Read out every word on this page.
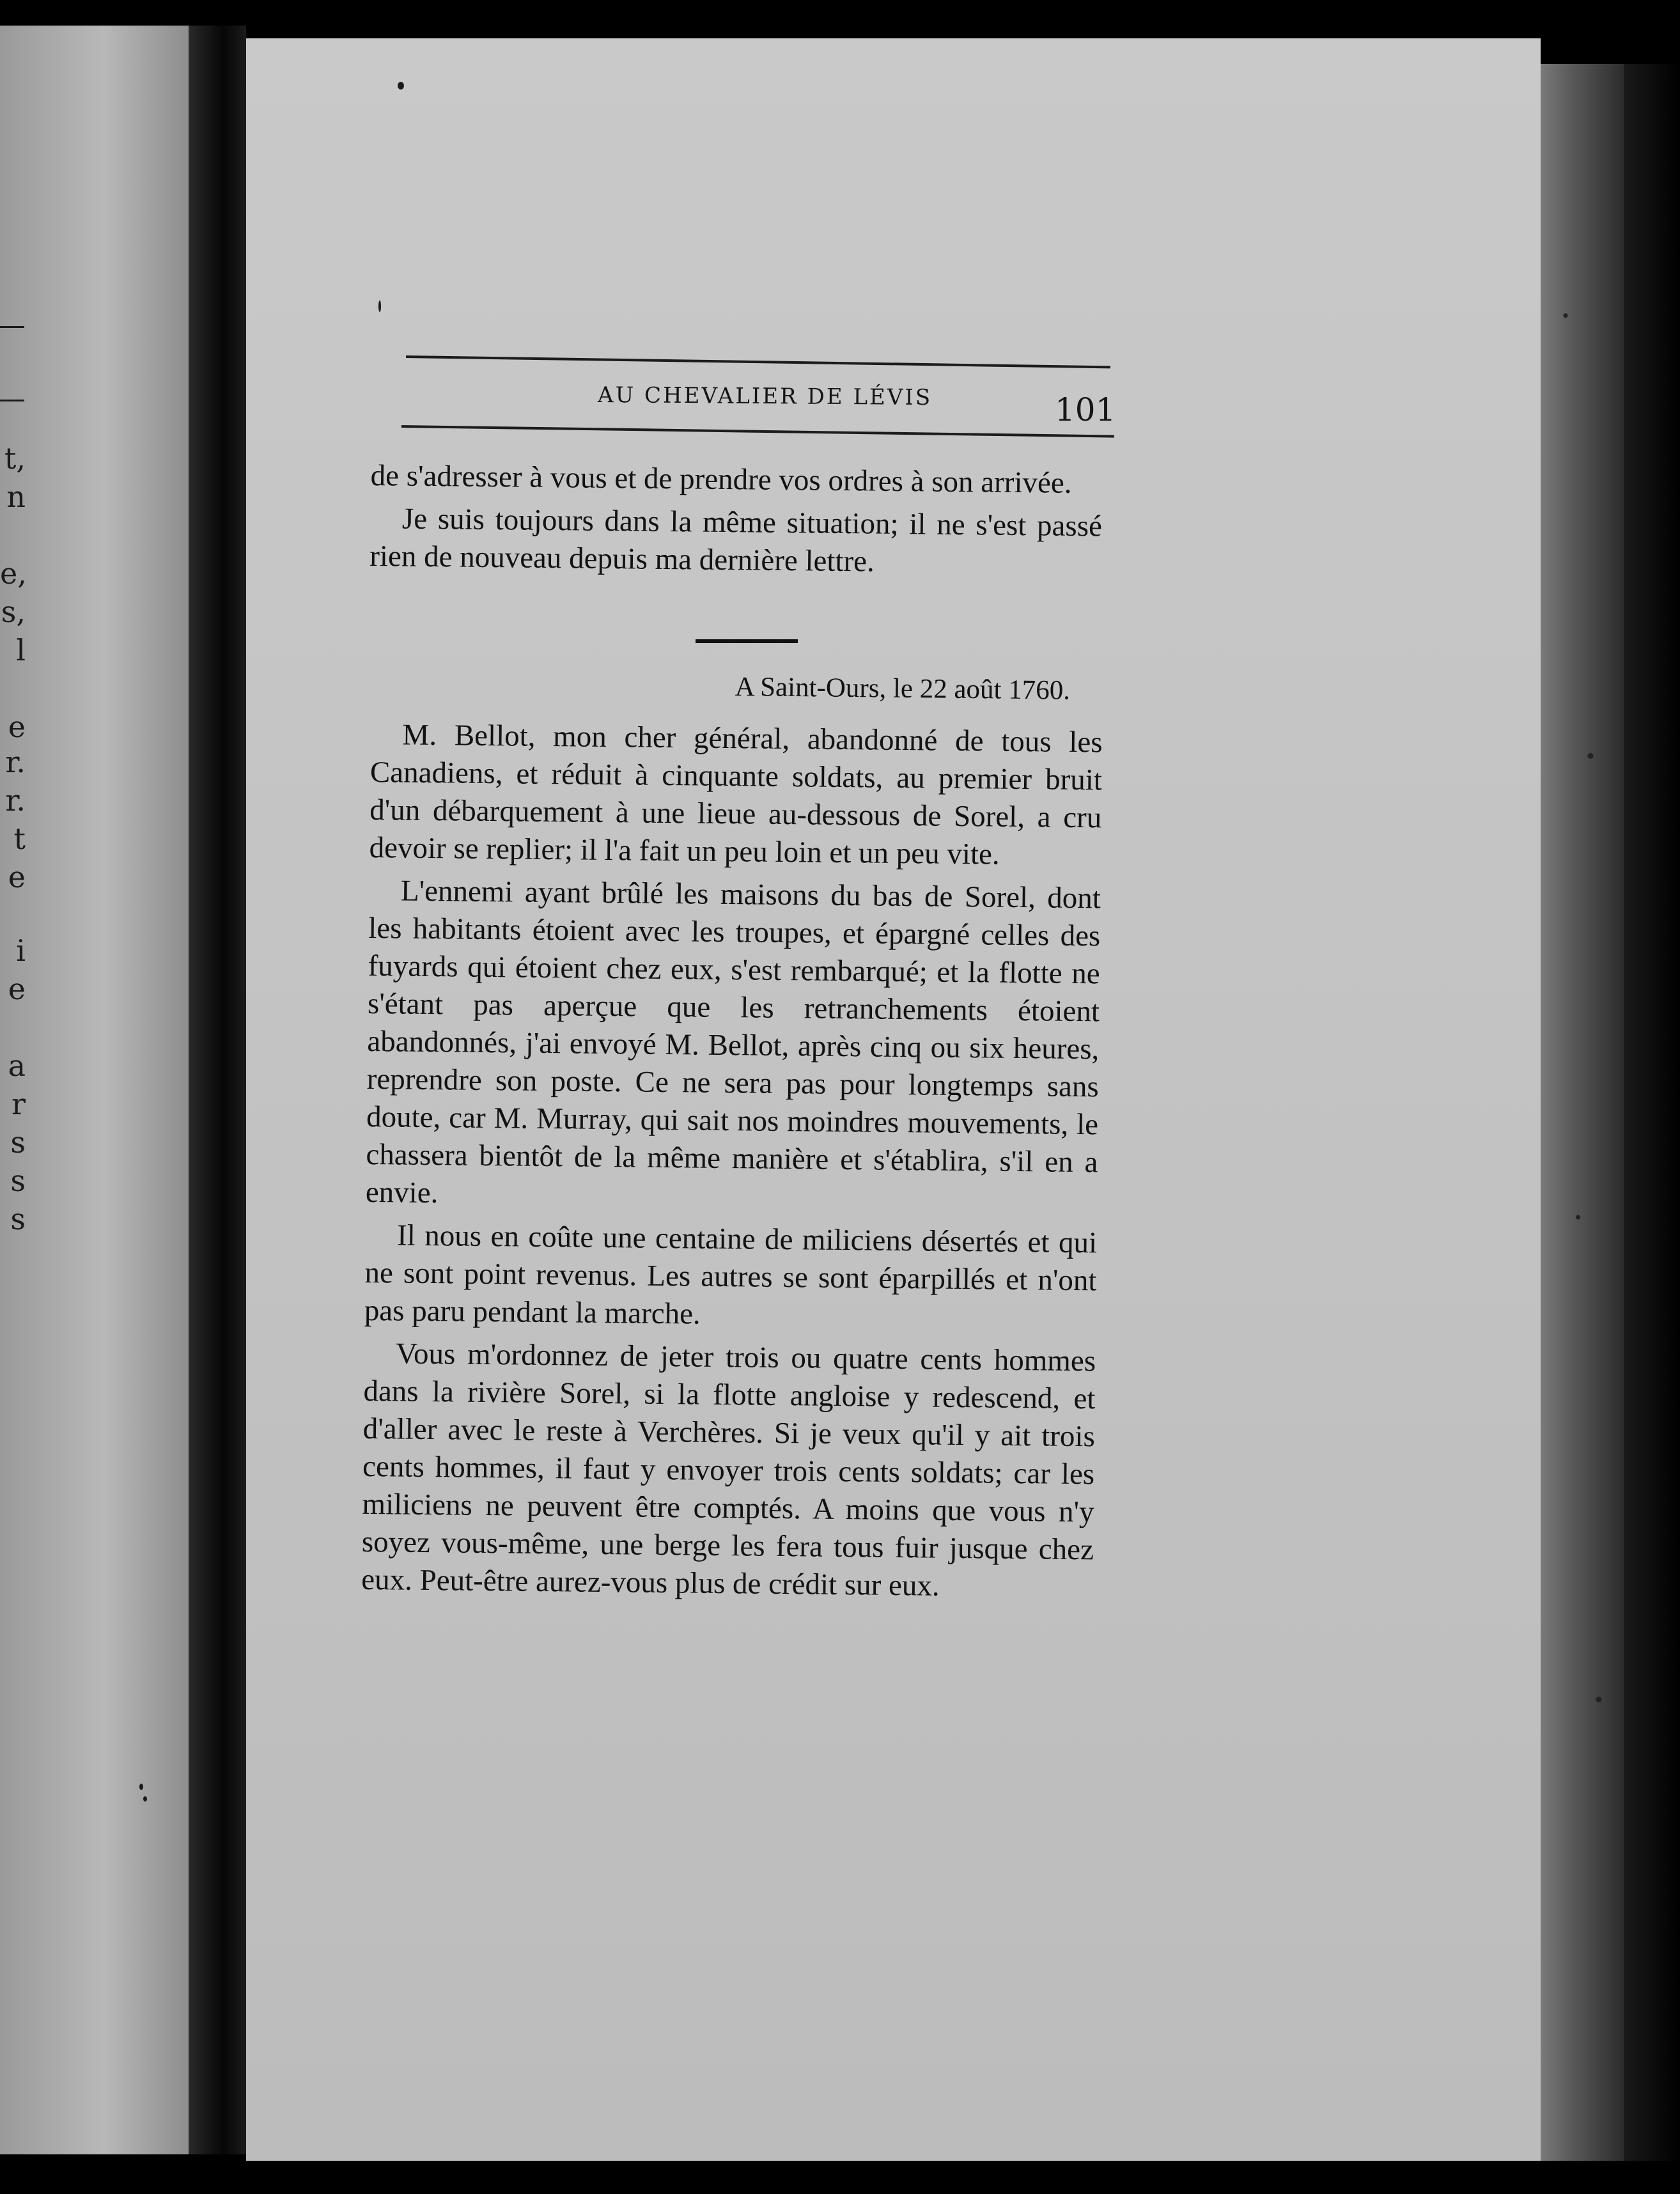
t,
n
e,
s,
l
e
r.
r.
t
e
i
e
a
r
s
s
s
AU CHEVALIER DE LÉVIS	101

de s'adresser à vous et de prendre vos ordres à son arrivée.

Je suis toujours dans la même situation; il ne s'est passé rien de nouveau depuis ma dernière lettre.

A Saint-Ours, le 22 août 1760.

M. Bellot, mon cher général, abandonné de tous les Canadiens, et réduit à cinquante soldats, au premier bruit d'un débarquement à une lieue au-dessous de Sorel, a cru devoir se replier; il l'a fait un peu loin et un peu vite.

L'ennemi ayant brûlé les maisons du bas de Sorel, dont les habitants étoient avec les troupes, et épargné celles des fuyards qui étoient chez eux, s'est rembarqué; et la flotte ne s'étant pas aperçue que les retranchements étoient abandonnés, j'ai envoyé M. Bellot, après cinq ou six heures, reprendre son poste. Ce ne sera pas pour longtemps sans doute, car M. Murray, qui sait nos moindres mouvements, le chassera bientôt de la même manière et s'établira, s'il en a envie.

Il nous en coûte une centaine de miliciens désertés et qui ne sont point revenus. Les autres se sont éparpillés et n'ont pas paru pendant la marche.

Vous m'ordonnez de jeter trois ou quatre cents hommes dans la rivière Sorel, si la flotte angloise y redescend, et d'aller avec le reste à Verchères. Si je veux qu'il y ait trois cents hommes, il faut y envoyer trois cents soldats; car les miliciens ne peuvent être comptés. A moins que vous n'y soyez vous-même, une berge les fera tous fuir jusque chez eux. Peut-être aurez-vous plus de crédit sur eux.
